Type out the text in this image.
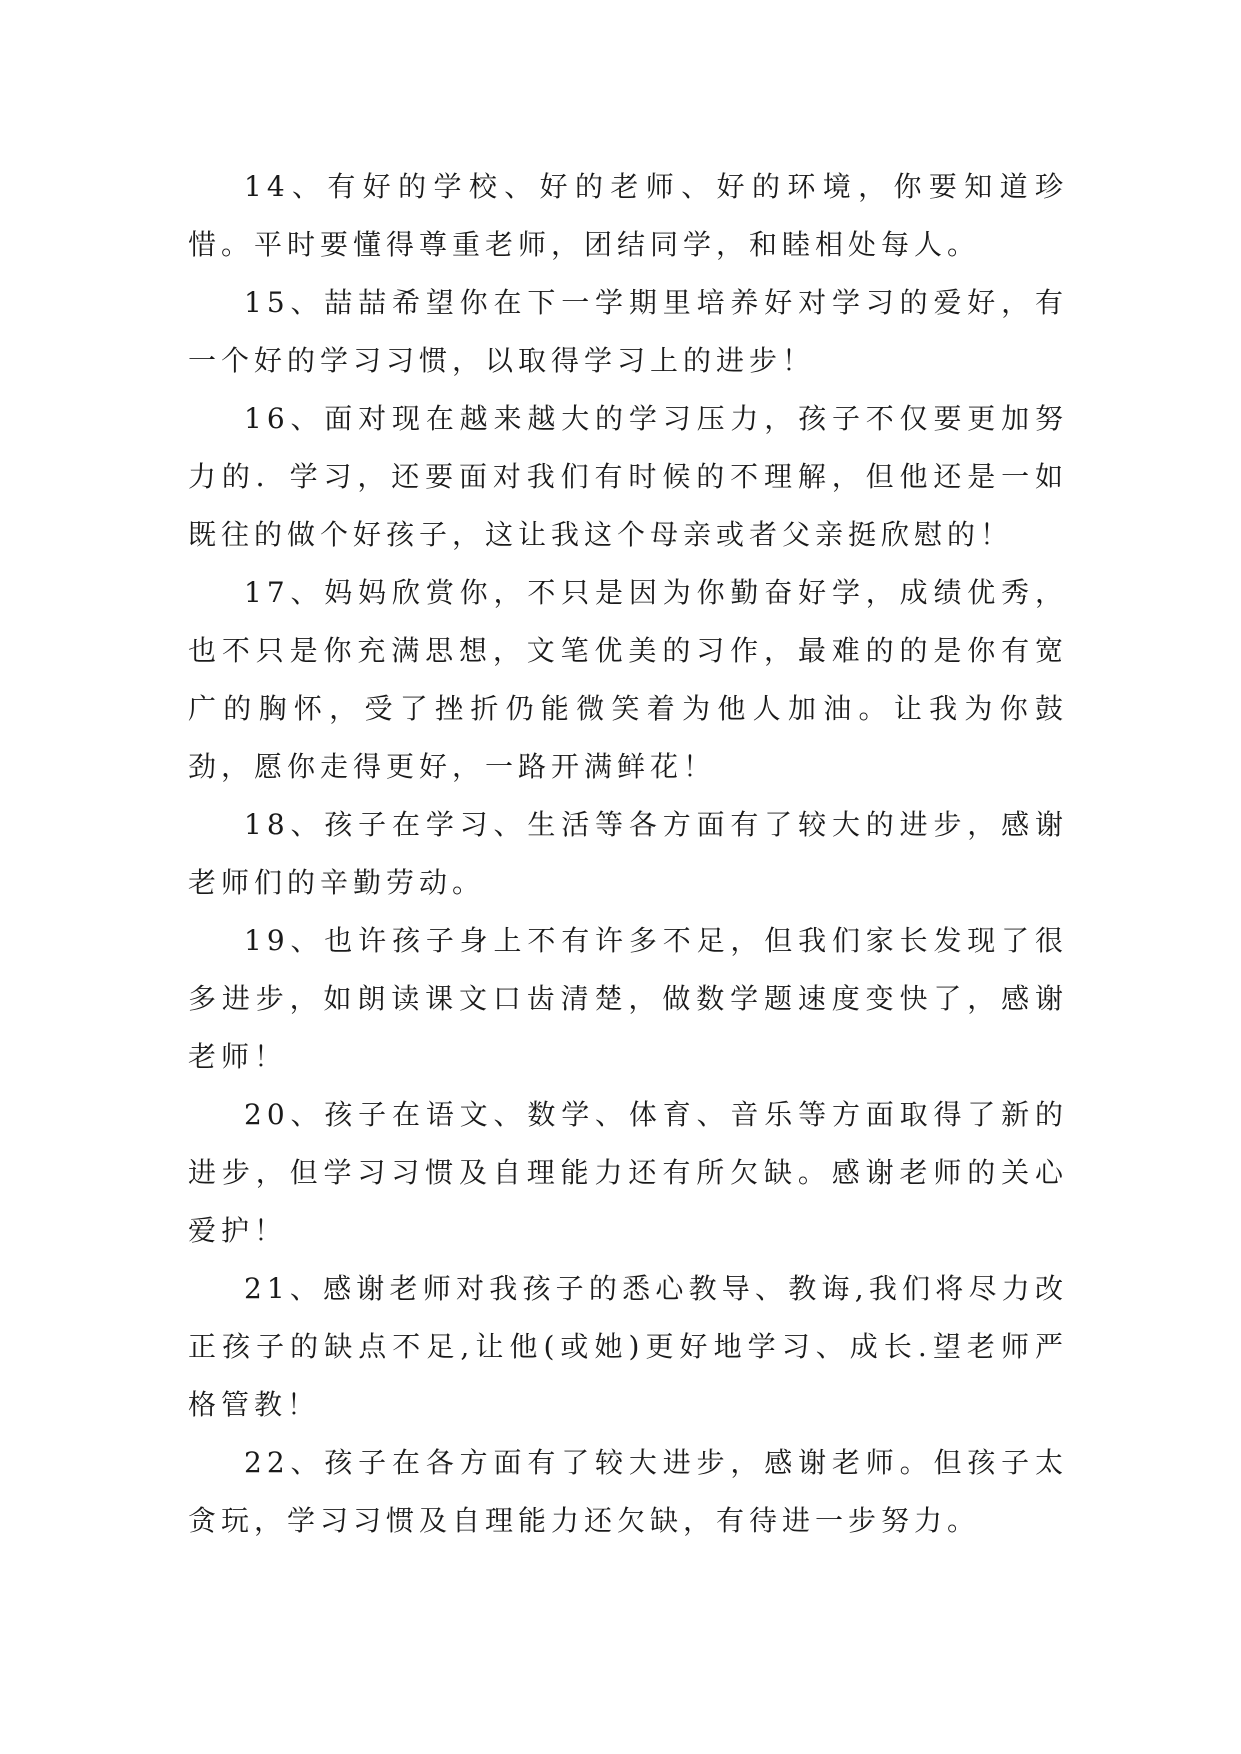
14、有好的学校、好的老师、好的环境，你要知道珍惜。平时要懂得尊重老师，团结同学，和睦相处每人。

15、喆喆希望你在下一学期里培养好对学习的爱好，有一个好的学习习惯，以取得学习上的进步！

16、面对现在越来越大的学习压力，孩子不仅要更加努力的．学习，还要面对我们有时候的不理解，但他还是一如既往的做个好孩子，这让我这个母亲或者父亲挺欣慰的！

17、妈妈欣赏你，不只是因为你勤奋好学，成绩优秀，也不只是你充满思想，文笔优美的习作，最难的的是你有宽广的胸怀，受了挫折仍能微笑着为他人加油。让我为你鼓劲，愿你走得更好，一路开满鲜花！

18、孩子在学习、生活等各方面有了较大的进步，感谢老师们的辛勤劳动。

19、也许孩子身上不有许多不足，但我们家长发现了很多进步，如朗读课文口齿清楚，做数学题速度变快了，感谢老师！

20、孩子在语文、数学、体育、音乐等方面取得了新的进步，但学习习惯及自理能力还有所欠缺。感谢老师的关心爱护！

21、感谢老师对我孩子的悉心教导、教诲,我们将尽力改正孩子的缺点不足,让他(或她)更好地学习、成长.望老师严格管教！

22、孩子在各方面有了较大进步，感谢老师。但孩子太贪玩，学习习惯及自理能力还欠缺，有待进一步努力。
